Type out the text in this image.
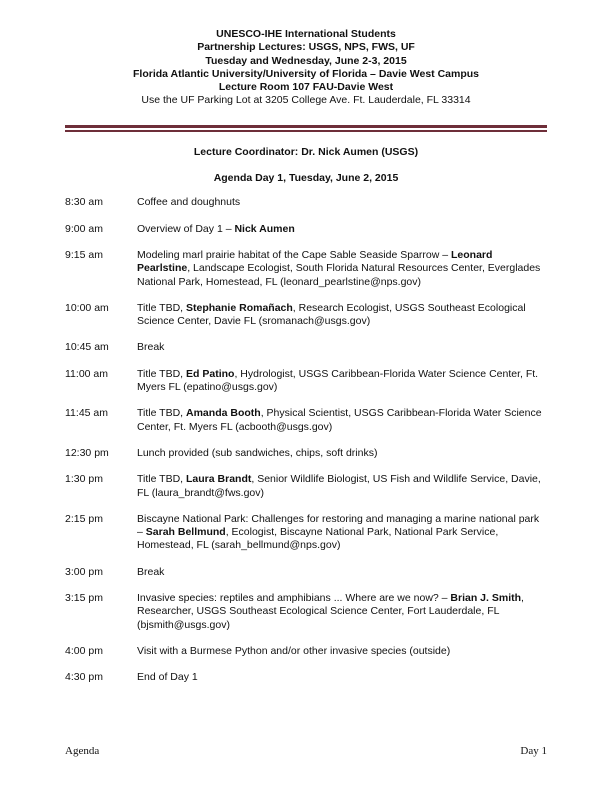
UNESCO-IHE International Students
Partnership Lectures: USGS, NPS, FWS, UF
Tuesday and Wednesday, June 2-3, 2015
Florida Atlantic University/University of Florida – Davie West Campus
Lecture Room 107 FAU-Davie West
Use the UF Parking Lot at 3205 College Ave. Ft. Lauderdale, FL 33314
Lecture Coordinator: Dr. Nick Aumen (USGS)
Agenda Day 1, Tuesday, June 2, 2015
8:30 am	Coffee and doughnuts
9:00 am	Overview of Day 1 – Nick Aumen
9:15 am	Modeling marl prairie habitat of the Cape Sable Seaside Sparrow – Leonard Pearlstine, Landscape Ecologist, South Florida Natural Resources Center, Everglades National Park, Homestead, FL (leonard_pearlstine@nps.gov)
10:00 am	Title TBD, Stephanie Romañach, Research Ecologist, USGS Southeast Ecological Science Center, Davie FL (sromanach@usgs.gov)
10:45 am	Break
11:00 am	Title TBD, Ed Patino, Hydrologist, USGS Caribbean-Florida Water Science Center, Ft. Myers FL (epatino@usgs.gov)
11:45 am	Title TBD, Amanda Booth, Physical Scientist, USGS Caribbean-Florida Water Science Center, Ft. Myers FL (acbooth@usgs.gov)
12:30 pm	Lunch provided (sub sandwiches, chips, soft drinks)
1:30 pm	Title TBD, Laura Brandt, Senior Wildlife Biologist, US Fish and Wildlife Service, Davie, FL (laura_brandt@fws.gov)
2:15 pm	Biscayne National Park: Challenges for restoring and managing a marine national park – Sarah Bellmund, Ecologist, Biscayne National Park, National Park Service, Homestead, FL (sarah_bellmund@nps.gov)
3:00 pm	Break
3:15 pm	Invasive species: reptiles and amphibians ... Where are we now? – Brian J. Smith, Researcher, USGS Southeast Ecological Science Center, Fort Lauderdale, FL (bjsmith@usgs.gov)
4:00 pm	Visit with a Burmese Python and/or other invasive species (outside)
4:30 pm	End of Day 1
Agenda	Day 1
